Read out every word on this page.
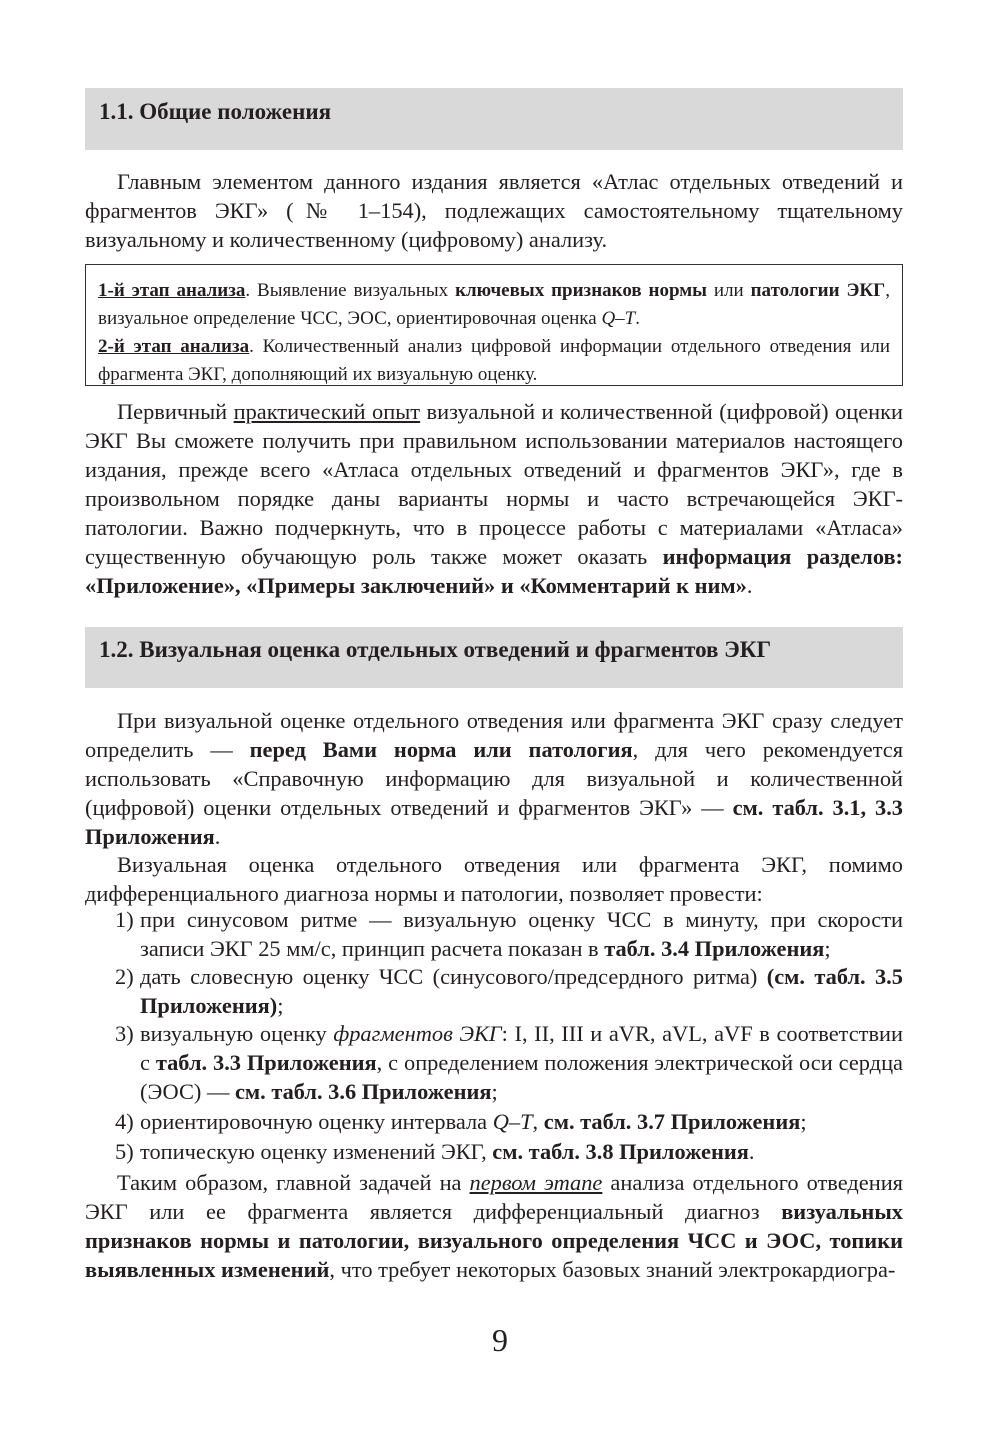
1.1. Общие положения

Главным элементом данного издания является «Атлас отдельных отведений и фрагментов ЭКГ» (№ 1–154), подлежащих самостоятельному тщательному визуальному и количественному (цифровому) анализу.

1-й этап анализа. Выявление визуальных ключевых признаков нормы или патологии ЭКГ, визуальное определение ЧСС, ЭОС, ориентировочная оценка Q–T.

2-й этап анализа. Количественный анализ цифровой информации отдельного отведения или фрагмента ЭКГ, дополняющий их визуальную оценку.

Первичный практический опыт визуальной и количественной (цифровой) оценки ЭКГ Вы сможете получить при правильном использовании материалов настоящего издания, прежде всего «Атласа отдельных отведений и фрагментов ЭКГ», где в произвольном порядке даны варианты нормы и часто встречающейся ЭКГ-патологии. Важно подчеркнуть, что в процессе работы с материалами «Атласа» существенную обучающую роль также может оказать информация разделов: «Приложение», «Примеры заключений» и «Комментарий к ним».

1.2. Визуальная оценка отдельных отведений и фрагментов ЭКГ

При визуальной оценке отдельного отведения или фрагмента ЭКГ сразу следует определить — перед Вами норма или патология, для чего рекомендуется использовать «Справочную информацию для визуальной и количественной (цифровой) оценки отдельных отведений и фрагментов ЭКГ» — см. табл. 3.1, 3.3 Приложения.

Визуальная оценка отдельного отведения или фрагмента ЭКГ, помимо дифференциального диагноза нормы и патологии, позволяет провести:

1) при синусовом ритме — визуальную оценку ЧСС в минуту, при скорости записи ЭКГ 25 мм/с, принцип расчета показан в табл. 3.4 Приложения;
2) дать словесную оценку ЧСС (синусового/предсердного ритма) (см. табл. 3.5 Приложения);
3) визуальную оценку фрагментов ЭКГ: I, II, III и aVR, aVL, aVF в соответствии с табл. 3.3 Приложения, с определением положения электрической оси сердца (ЭОС) — см. табл. 3.6 Приложения;
4) ориентировочную оценку интервала Q–T, см. табл. 3.7 Приложения;
5) топическую оценку изменений ЭКГ, см. табл. 3.8 Приложения.

Таким образом, главной задачей на первом этапе анализа отдельного отведения ЭКГ или ее фрагмента является дифференциальный диагноз визуальных признаков нормы и патологии, визуального определения ЧСС и ЭОС, топики выявленных изменений, что требует некоторых базовых знаний электрокардиогра-

9
